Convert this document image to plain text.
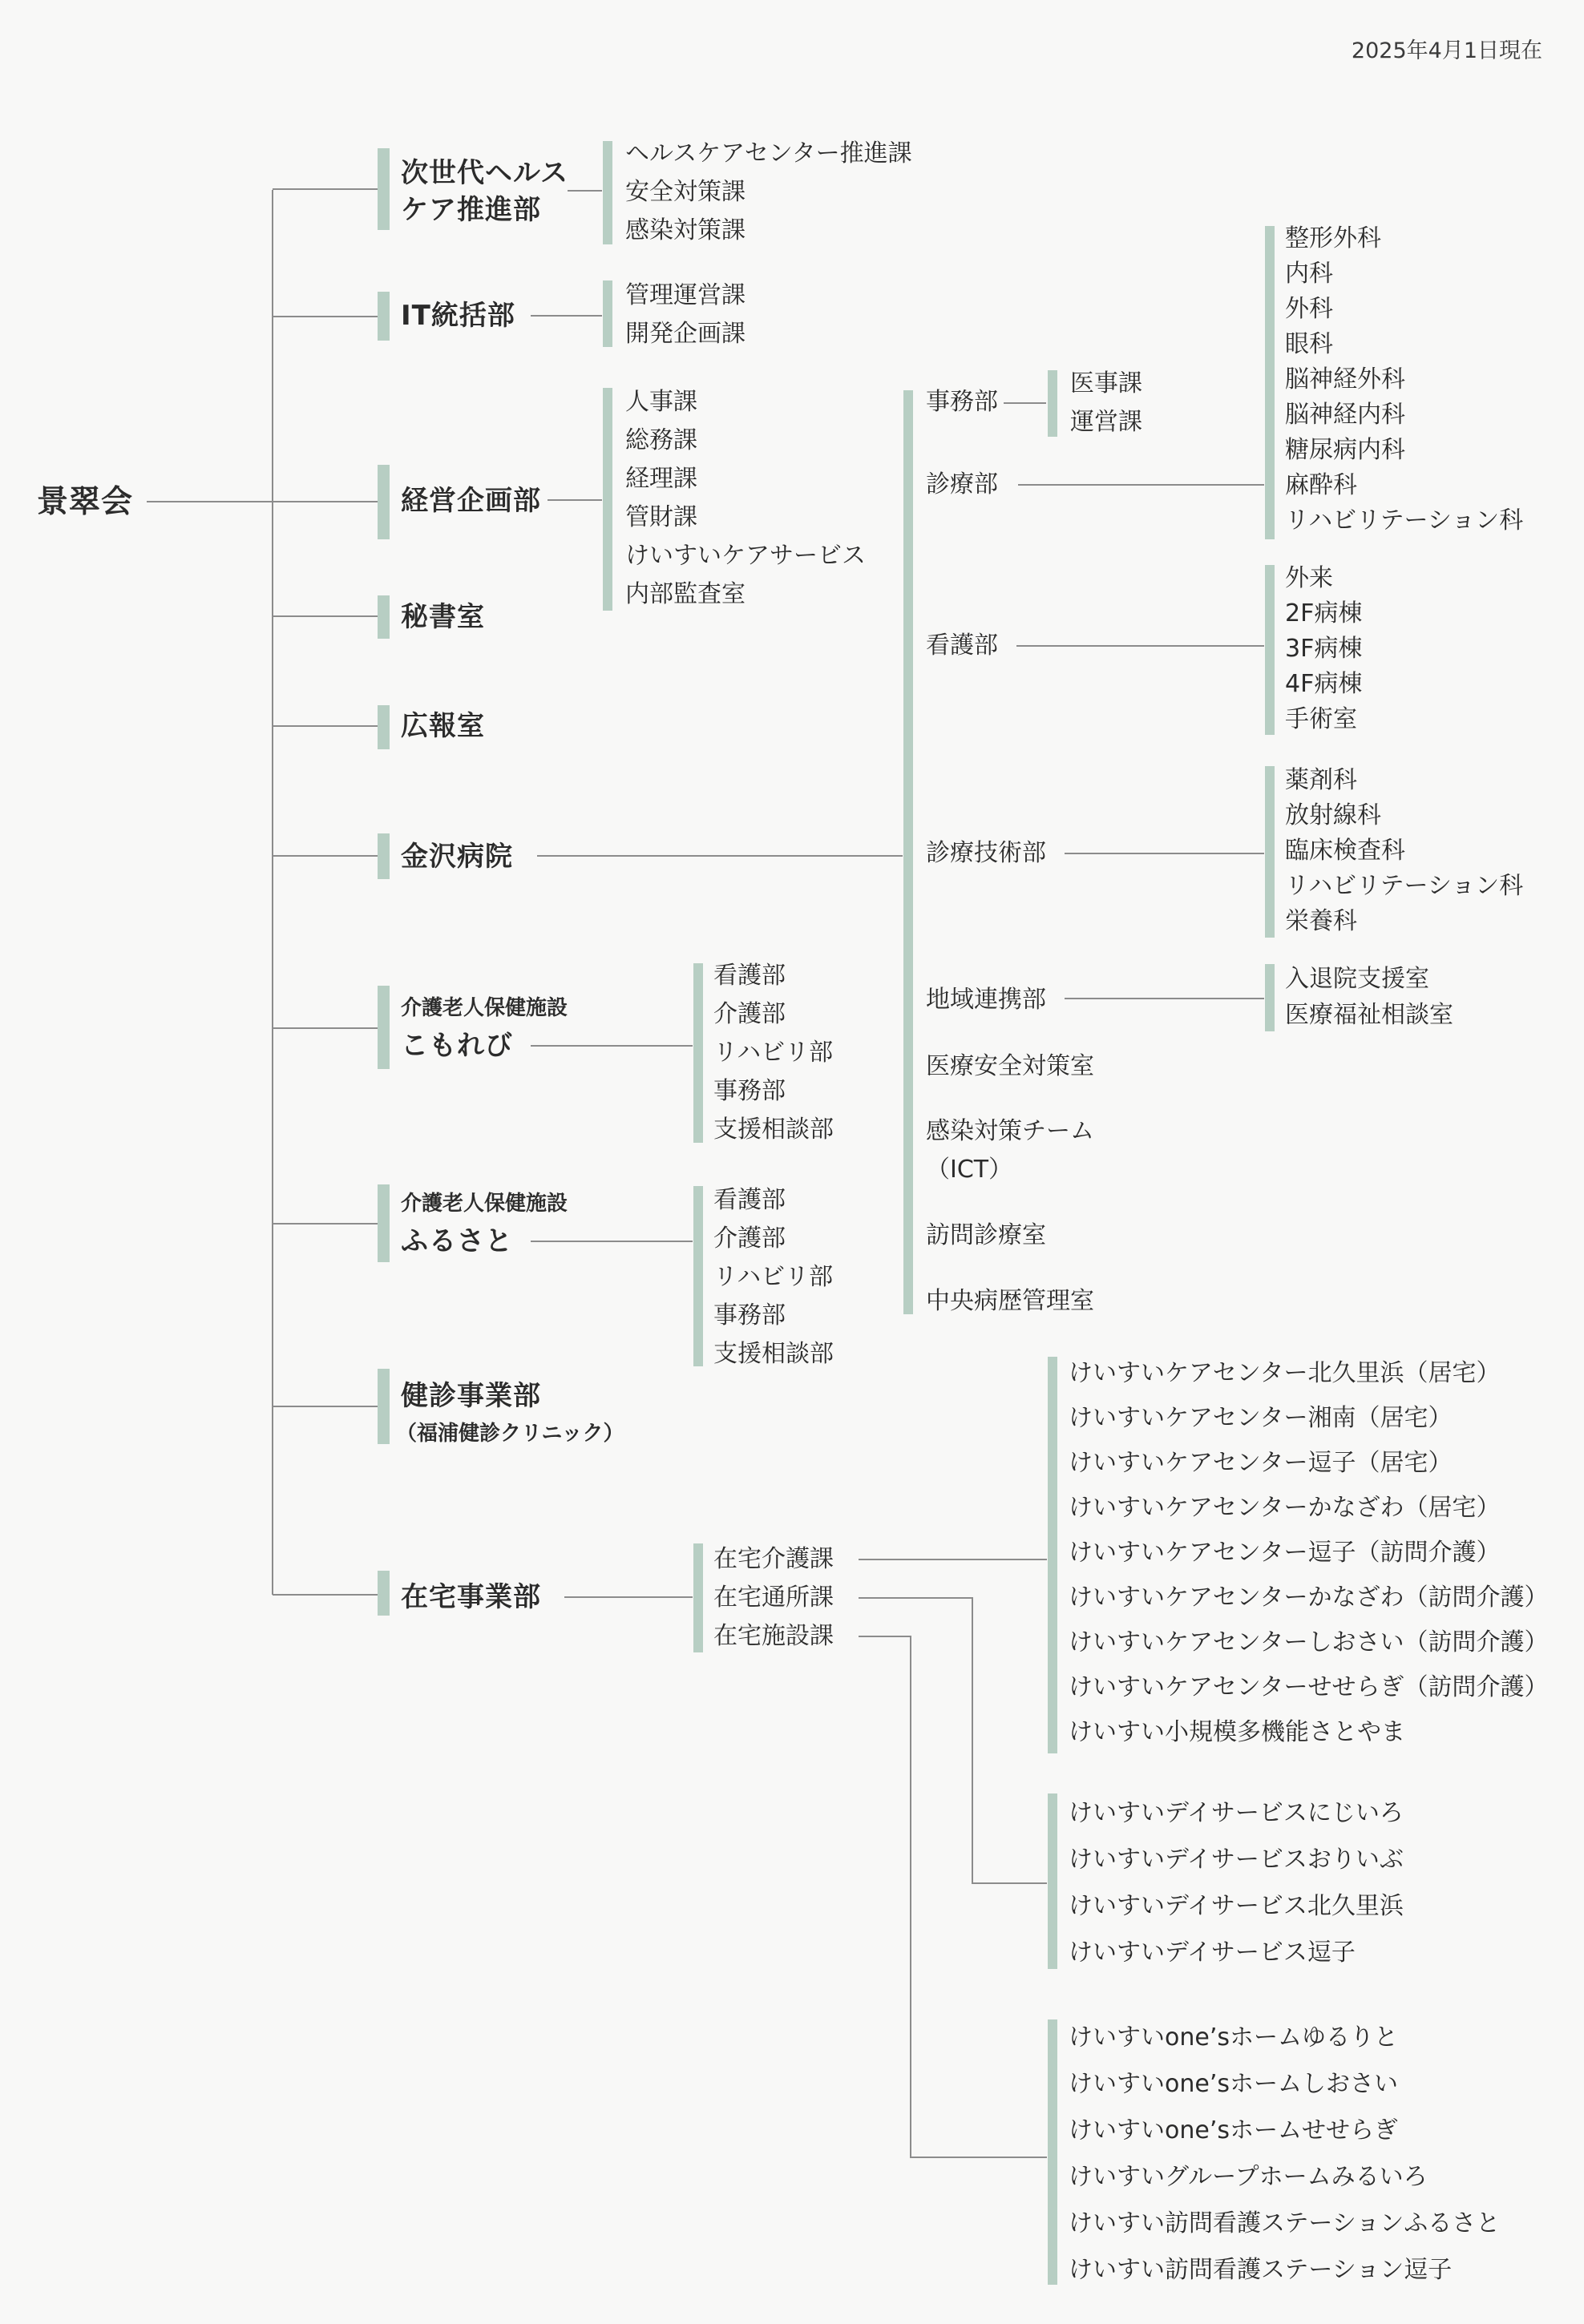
2025年4月1日現在
景翠会
次世代ヘルス
ケア推進部
ヘルスケアセンター推進課
安全対策課
感染対策課
IT統括部
管理運営課
開発企画課
経営企画部
人事課
総務課
経理課
管財課
けいすいケアサービス
内部監査室
秘書室
広報室
金沢病院
事務部
医事課
運営課
診療部
整形外科
内科
外科
眼科
脳神経外科
脳神経内科
糖尿病内科
麻酔科
リハビリテーション科
看護部
外来
2F病棟
3F病棟
4F病棟
手術室
診療技術部
薬剤科
放射線科
臨床検査科
リハビリテーション科
栄養科
地域連携部
入退院支援室
医療福祉相談室
医療安全対策室
感染対策チーム
（ICT）
訪問診療室
中央病歴管理室
介護老人保健施設
こもれび
看護部
介護部
リハビリ部
事務部
支援相談部
介護老人保健施設
ふるさと
看護部
介護部
リハビリ部
事務部
支援相談部
健診事業部
（福浦健診クリニック）
在宅事業部
在宅介護課
在宅通所課
在宅施設課
けいすいケアセンター北久里浜（居宅）
けいすいケアセンター湘南（居宅）
けいすいケアセンター逗子（居宅）
けいすいケアセンターかなざわ（居宅）
けいすいケアセンター逗子（訪問介護）
けいすいケアセンターかなざわ（訪問介護）
けいすいケアセンターしおさい（訪問介護）
けいすいケアセンターせせらぎ（訪問介護）
けいすい小規模多機能さとやま
けいすいデイサービスにじいろ
けいすいデイサービスおりいぶ
けいすいデイサービス北久里浜
けいすいデイサービス逗子
けいすいone’sホームゆるりと
けいすいone’sホームしおさい
けいすいone’sホームせせらぎ
けいすいグループホームみるいろ
けいすい訪問看護ステーションふるさと
けいすい訪問看護ステーション逗子
